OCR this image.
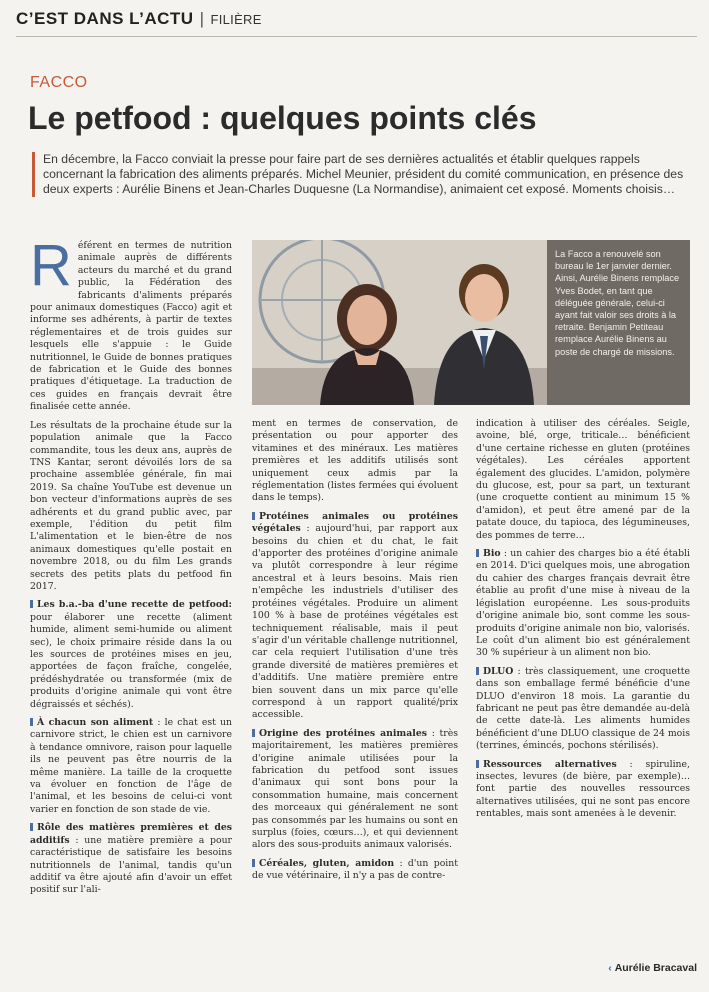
C’EST DANS L’ACTU | FILIÈRE
FACCO
Le petfood : quelques points clés
En décembre, la Facco conviait la presse pour faire part de ses dernières actualités et établir quelques rappels concernant la fabrication des aliments préparés. Michel Meunier, président du comité communication, en présence des deux experts : Aurélie Binens et Jean-Charles Duquesne (La Normandise), animaient cet exposé. Moments choisis…

Référent en termes de nutrition animale auprès de différents acteurs du marché et du grand public, la Fédération des fabricants d'aliments préparés pour animaux domestiques (Facco) agit et informe ses adhérents, à partir de textes réglementaires et de trois guides sur lesquels elle s'appuie : le Guide nutritionnel, le Guide de bonnes pratiques de fabrication et le Guide des bonnes pratiques d'étiquetage. La traduction de ces guides en français devrait être finalisée cette année.

Les résultats de la prochaine étude sur la population animale que la Facco commandite, tous les deux ans, auprès de TNS Kantar, seront dévoilés lors de sa prochaine assemblée générale, fin mai 2019. Sa chaîne YouTube est devenue un bon vecteur d'informations auprès de ses adhérents et du grand public avec, par exemple, l'édition du petit film L'alimentation et le bien-être de nos animaux domestiques qu'elle postait en novembre 2018, ou du film Les grands secrets des petits plats du petfood fin 2017.

Les b.a.-ba d'une recette de petfood: pour élaborer une recette (aliment humide, aliment semi-humide ou aliment sec), le choix primaire réside dans la ou les sources de protéines mises en jeu, apportées de façon fraîche, congelée, prédéshydratée ou transformée (mix de produits d'origine animale qui vont être dégraissés et séchés).

À chacun son aliment : le chat est un carnivore strict, le chien est un carnivore à tendance omnivore, raison pour laquelle ils ne peuvent pas être nourris de la même manière. La taille de la croquette va évoluer en fonction de l'âge de l'animal, et les besoins de celui-ci vont varier en fonction de son stade de vie.

Rôle des matières premières et des additifs : une matière première a pour caractéristique de satisfaire les besoins nutritionnels de l'animal, tandis qu'un additif va être ajouté afin d'avoir un effet positif sur l'ali-

La Facco a renouvelé son bureau le 1er janvier dernier. Ainsi, Aurélie Binens remplace Yves Bodet, en tant que déléguée générale, celui-ci ayant fait valoir ses droits à la retraite. Benjamin Petiteau remplace Aurélie Binens au poste de chargé de missions.

ment en termes de conservation, de présentation ou pour apporter des vitamines et des minéraux. Les matières premières et les additifs utilisés sont uniquement ceux admis par la réglementation (listes fermées qui évoluent dans le temps).

Protéines animales ou protéines végétales : aujourd'hui, par rapport aux besoins du chien et du chat, le fait d'apporter des protéines d'origine animale va plutôt correspondre à leur régime ancestral et à leurs besoins. Mais rien n'empêche les industriels d'utiliser des protéines végétales. Produire un aliment 100 % à base de protéines végétales est techniquement réalisable, mais il peut s'agir d'un véritable challenge nutritionnel, car cela requiert l'utilisation d'une très grande diversité de matières premières et d'additifs. Une matière première entre bien souvent dans un mix parce qu'elle correspond à un rapport qualité/prix accessible.

Origine des protéines animales : très majoritairement, les matières premières d'origine animale utilisées pour la fabrication du petfood sont issues d'animaux qui sont bons pour la consommation humaine, mais concernent des morceaux qui généralement ne sont pas consommés par les humains ou sont en surplus (foies, cœurs…), et qui deviennent alors des sous-produits animaux valorisés.

Céréales, gluten, amidon : d'un point de vue vétérinaire, il n'y a pas de contre-

indication à utiliser des céréales. Seigle, avoine, blé, orge, triticale… bénéficient d'une certaine richesse en gluten (protéines végétales). Les céréales apportent également des glucides. L'amidon, polymère du glucose, est, pour sa part, un texturant (une croquette contient au minimum 15 % d'amidon), et peut être amené par de la patate douce, du tapioca, des légumineuses, des pommes de terre…

Bio : un cahier des charges bio a été établi en 2014. D'ici quelques mois, une abrogation du cahier des charges français devrait être établie au profit d'une mise à niveau de la législation européenne. Les sous-produits d'origine animale bio, sont comme les sous-produits d'origine animale non bio, valorisés. Le coût d'un aliment bio est généralement 30 % supérieur à un aliment non bio.

DLUO : très classiquement, une croquette dans son emballage fermé bénéficie d'une DLUO d'environ 18 mois. La garantie du fabricant ne peut pas être demandée au-delà de cette date-là. Les aliments humides bénéficient d'une DLUO classique de 24 mois (terrines, émincés, pochons stérilisés).

Ressources alternatives : spiruline, insectes, levures (de bière, par exemple)… font partie des nouvelles ressources alternatives utilisées, qui ne sont pas encore rentables, mais sont amenées à le devenir.

‹ Aurélie Bracaval
